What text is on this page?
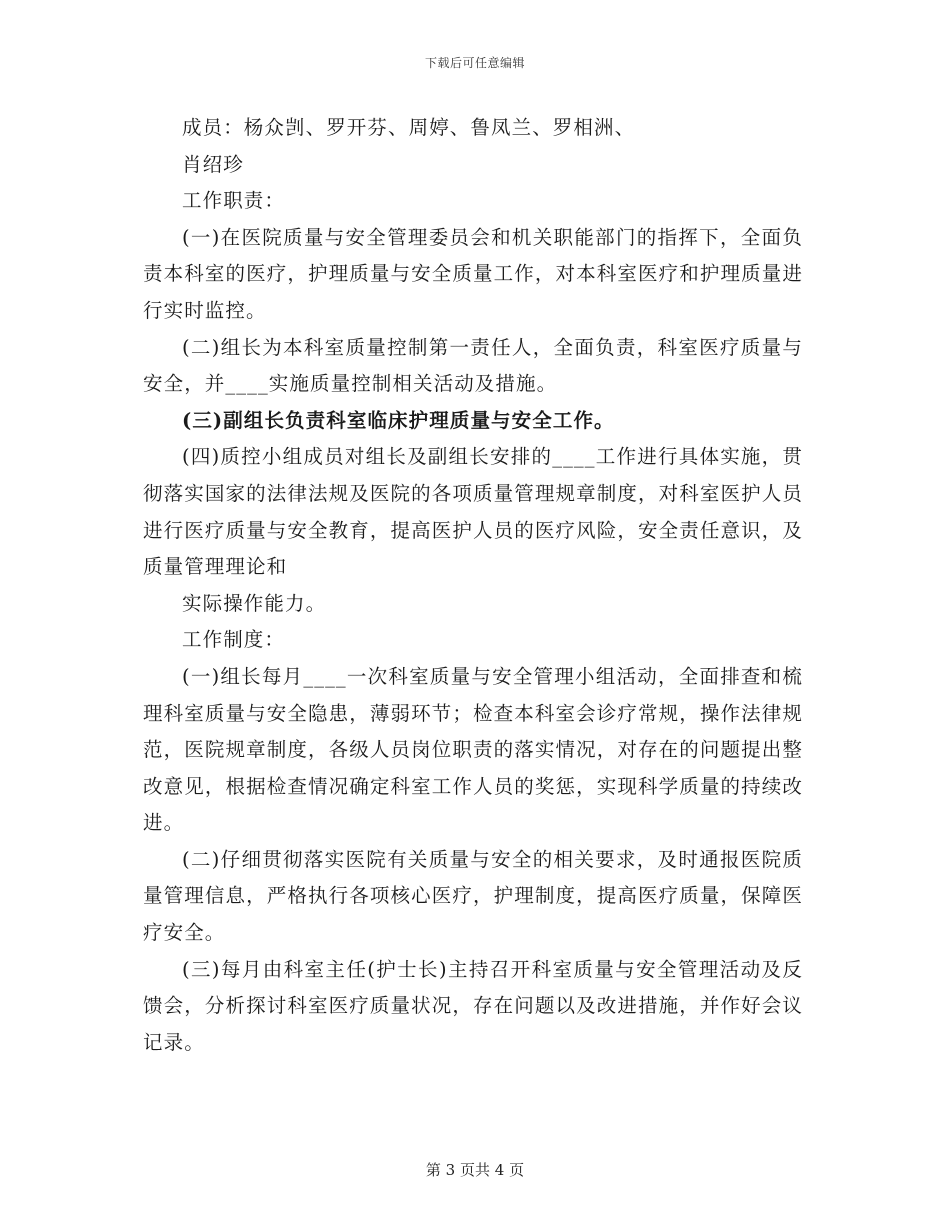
下载后可任意编辑

成员：杨众剀、罗开芬、周婷、鲁凤兰、罗相洲、

肖绍珍

工作职责：

(一)在医院质量与安全管理委员会和机关职能部门的指挥下，全面负责本科室的医疗，护理质量与安全质量工作，对本科室医疗和护理质量进行实时监控。

(二)组长为本科室质量控制第一责任人，全面负责，科室医疗质量与安全，并____实施质量控制相关活动及措施。

(三)副组长负责科室临床护理质量与安全工作。

(四)质控小组成员对组长及副组长安排的____工作进行具体实施，贯彻落实国家的法律法规及医院的各项质量管理规章制度，对科室医护人员进行医疗质量与安全教育，提高医护人员的医疗风险，安全责任意识，及质量管理理论和

实际操作能力。

工作制度：

(一)组长每月____一次科室质量与安全管理小组活动，全面排查和梳理科室质量与安全隐患，薄弱环节；检查本科室会诊疗常规，操作法律规范，医院规章制度，各级人员岗位职责的落实情况，对存在的问题提出整改意见，根据检查情况确定科室工作人员的奖惩，实现科学质量的持续改进。

(二)仔细贯彻落实医院有关质量与安全的相关要求，及时通报医院质量管理信息，严格执行各项核心医疗，护理制度，提高医疗质量，保障医疗安全。

(三)每月由科室主任(护士长)主持召开科室质量与安全管理活动及反馈会，分析探讨科室医疗质量状况，存在问题以及改进措施，并作好会议记录。

第 3 页共 4 页
